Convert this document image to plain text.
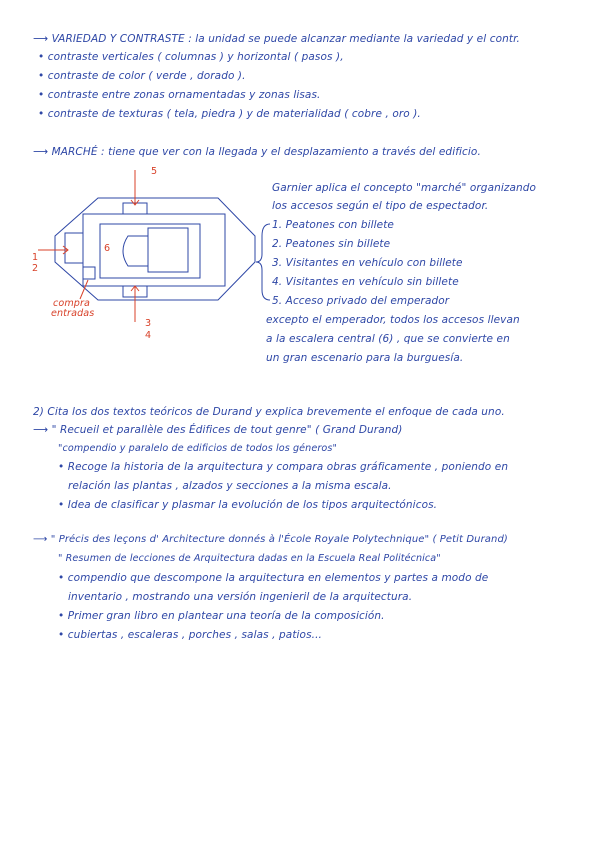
⟶ VARIEDAD Y CONTRASTE : la unidad se puede alcanzar mediante la variedad y el contr.
• contraste verticales ( columnas ) y horizontal ( pasos ),
• contraste de color ( verde , dorado ).
• contraste entre zonas ornamentadas y zonas lisas.
• contraste de texturas ( tela, piedra ) y de materialidad ( cobre , oro ).
⟶ MARCHÉ : tiene que ver con la llegada y el desplazamiento a través del edificio.
5
6
1
2
3
4
compra
entradas
Garnier aplica el concepto "marché" organizando
los accesos según el tipo de espectador.
1. Peatones con billete
2. Peatones sin billete
3. Visitantes en vehículo con billete
4. Visitantes en vehículo sin billete
5. Acceso privado del emperador
excepto el emperador, todos los accesos llevan
a la escalera central (6) , que se convierte en
un gran escenario para la burguesía.
2) Cita los dos textos teóricos de Durand y explica brevemente el enfoque de cada uno.
⟶ " Recueil et parallèle des Édifices de tout genre" ( Grand Durand)
"compendio y paralelo de edificios de todos los géneros"
• Recoge la historia de la arquitectura y compara obras gráficamente , poniendo en
relación las plantas , alzados y secciones a la misma escala.
• Idea de clasificar y plasmar la evolución de los tipos arquitectónicos.
⟶ " Précis des leçons d' Architecture donnés à l'École Royale Polytechnique" ( Petit Durand)
" Resumen de lecciones de Arquitectura dadas en la Escuela Real Politécnica"
• compendio que descompone la arquitectura en elementos y partes a modo de
inventario , mostrando una versión ingenieril de la arquitectura.
• Primer gran libro en plantear una teoría de la composición.
• cubiertas , escaleras , porches , salas , patios...
